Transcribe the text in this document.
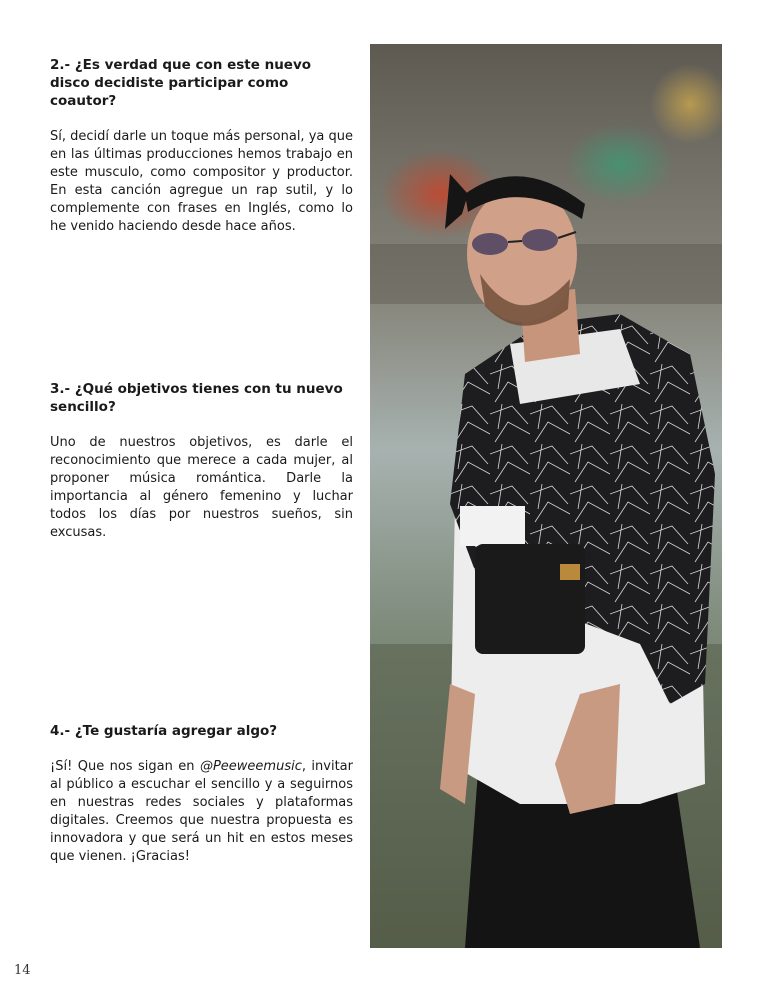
2.- ¿Es verdad que con este nuevo disco decidiste participar como coautor?

Sí, decidí darle un toque más personal, ya que en las últimas producciones hemos trabajo en este musculo, como compositor y productor. En esta canción agregue un rap sutil, y lo complemente con frases en Inglés, como lo he venido haciendo desde hace años.

3.- ¿Qué objetivos tienes con tu nuevo sencillo?

Uno de nuestros objetivos, es darle el reconocimiento que merece a cada mujer, al proponer música romántica. Darle la importancia al género femenino y luchar todos los días por nuestros sueños, sin excusas.

4.- ¿Te gustaría agregar algo?

¡Sí! Que nos sigan en @Peeweemusic, invitar al público a escuchar el sencillo y a seguirnos en nuestras redes sociales y plataformas digitales. Creemos que nuestra propuesta es innovadora y que será un hit en estos meses que vienen. ¡Gracias!

14
